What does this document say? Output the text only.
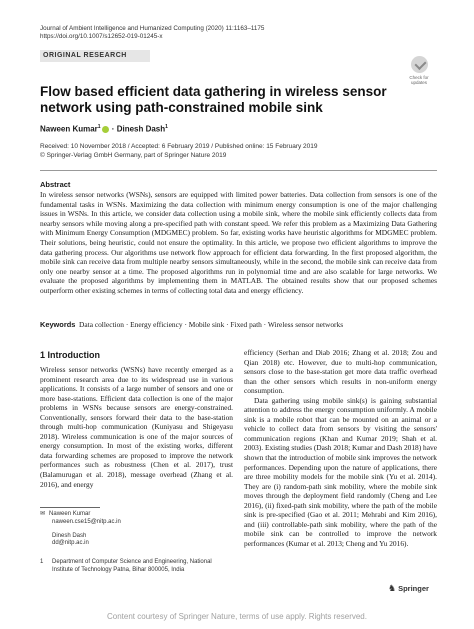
Journal of Ambient Intelligence and Humanized Computing (2020) 11:1163–1175
https://doi.org/10.1007/s12652-019-01245-x
ORIGINAL RESEARCH
Check for
updates
Flow based efficient data gathering in wireless sensor network using path-constrained mobile sink
Naween Kumar$^1$ · Dinesh Dash$^1$
Received: 10 November 2018 / Accepted: 6 February 2019 / Published online: 15 February 2019
© Springer-Verlag GmbH Germany, part of Springer Nature 2019
Abstract
In wireless sensor networks (WSNs), sensors are equipped with limited power batteries. Data collection from sensors is one of the fundamental tasks in WSNs. Maximizing the data collection with minimum energy consumption is one of the major challenging issues in WSNs. In this article, we consider data collection using a mobile sink, where the mobile sink efficiently collects data from nearby sensors while moving along a pre-specified path with constant speed. We refer this problem as a Maximizing Data Gathering with Minimum Energy Consumption (MDGMEC) problem. So far, existing works have heuristic algorithms for MDGMEC problem. Their solutions, being heuristic, could not ensure the optimality. In this article, we propose two efficient algorithms to improve the data gathering process. Our algorithms use network flow approach for efficient data forwarding. In the first proposed algorithm, the mobile sink can receive data from multiple nearby sensors simultaneously, while in the second, the mobile sink can receive data from only one nearby sensor at a time. The proposed algorithms run in polynomial time and are also scalable for large networks. We evaluate the proposed algorithms by implementing them in MATLAB. The obtained results show that our proposed schemes outperform other existing schemes in terms of collecting total data and energy efficiency.
Keywords Data collection · Energy efficiency · Mobile sink · Fixed path · Wireless sensor networks
1 Introduction

Wireless sensor networks (WSNs) have recently emerged as a prominent research area due to its widespread use in various applications. It consists of a large number of sensors and one or more base-stations. Efficient data collection is one of the major problems in WSNs because sensors are energy-constrained. Conventionally, sensors forward their data to the base-station through multi-hop communication (Kuniyasu and Shigeyasu 2018). Wireless communication is one of the major sources of energy consumption. In most of the existing works, different data forwarding schemes are proposed to improve the network performances such as robustness (Chen et al. 2017), trust (Balamurugan et al. 2018), message overhead (Zhang et al. 2016), and energy

efficiency (Serhan and Diab 2016; Zhang et al. 2018; Zou and Qian 2018) etc. However, due to multi-hop communication, sensors close to the base-station get more data traffic overhead than the other sensors which results in non-uniform energy consumption.

Data gathering using mobile sink(s) is gaining substantial attention to address the energy consumption uniformly. A mobile sink is a mobile robot that can be mounted on an animal or a vehicle to collect data from sensors by visiting the sensors' communication regions (Khan and Kumar 2019; Shah et al. 2003). Existing studies (Dash 2018; Kumar and Dash 2018) have shown that the introduction of mobile sink improves the network performances. Depending upon the nature of applications, there are three mobility models for the mobile sink (Yu et al. 2014). They are (i) random-path sink mobility, where the mobile sink moves through the deployment field randomly (Cheng and Lee 2016), (ii) fixed-path sink mobility, where the path of the mobile sink is pre-specified (Gao et al. 2011; Mehrabi and Kim 2016), and (iii) controllable-path sink mobility, where the path of the mobile sink can be controlled to improve the network performances (Kumar et al. 2013; Cheng and Yu 2016).

✉ Naween Kumar
naween.cse15@nitp.ac.in
Dinesh Dash
dd@nitp.ac.in
1 Department of Computer Science and Engineering, National
Institute of Technology Patna, Bihar 800005, India
♞ Springer
Content courtesy of Springer Nature, terms of use apply. Rights reserved.
